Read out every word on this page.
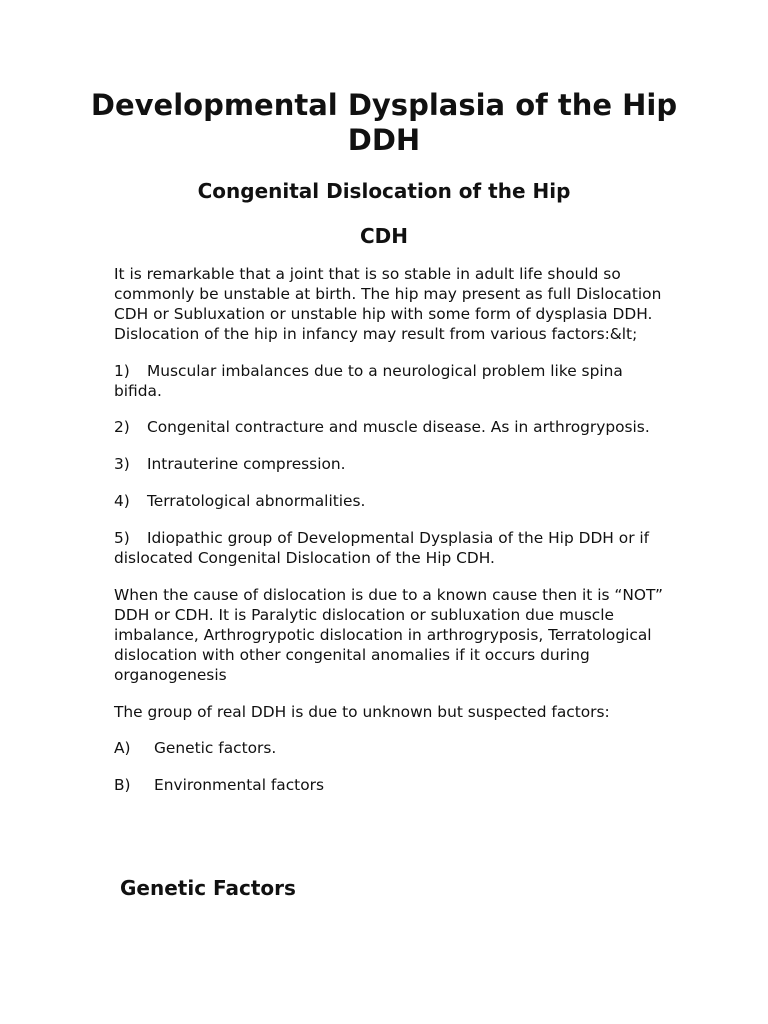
Developmental Dysplasia of the Hip DDH
Congenital Dislocation of the Hip
CDH

It is remarkable that a joint that is so stable in adult life should so commonly be unstable at birth. The hip may present as full Dislocation CDH or Subluxation or unstable hip with some form of dysplasia DDH. Dislocation of the hip in infancy may result from various factors:&lt;

1) Muscular imbalances due to a neurological problem like spina bifida.

2) Congenital contracture and muscle disease. As in arthrogryposis.

3) Intrauterine compression.

4) Terratological abnormalities.

5) Idiopathic group of Developmental Dysplasia of the Hip DDH or if dislocated Congenital Dislocation of the Hip CDH.

When the cause of dislocation is due to a known cause then it is “NOT” DDH or CDH. It is Paralytic dislocation or subluxation due muscle imbalance, Arthrogrypotic dislocation in arthrogryposis, Terratological dislocation with other congenital anomalies if it occurs during organogenesis

The group of real DDH is due to unknown but suspected factors:

A) Genetic factors.

B) Environmental factors

Genetic Factors
